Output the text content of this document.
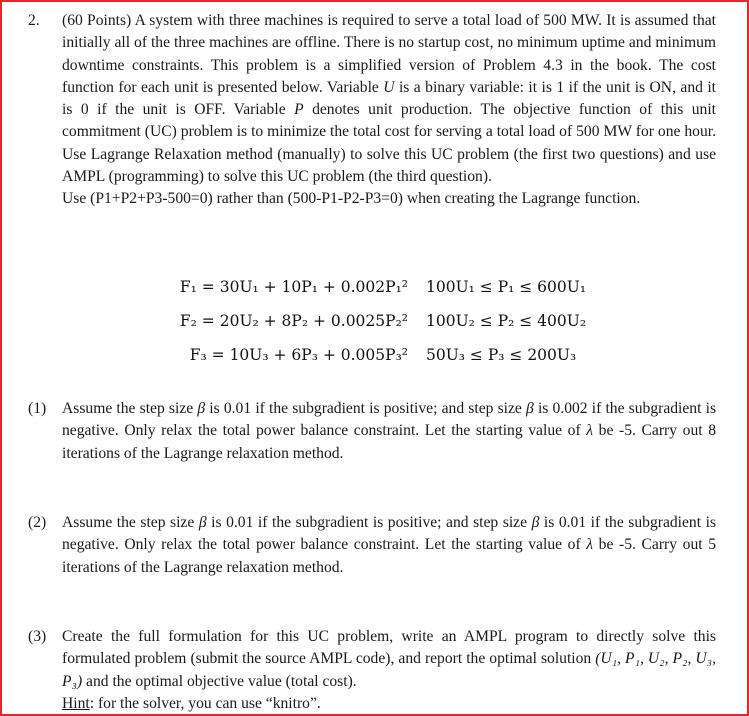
2. (60 Points) A system with three machines is required to serve a total load of 500 MW. It is assumed that initially all of the three machines are offline. There is no startup cost, no minimum uptime and minimum downtime constraints. This problem is a simplified version of Problem 4.3 in the book. The cost function for each unit is presented below. Variable U is a binary variable: it is 1 if the unit is ON, and it is 0 if the unit is OFF. Variable P denotes unit production. The objective function of this unit commitment (UC) problem is to minimize the total cost for serving a total load of 500 MW for one hour. Use Lagrange Relaxation method (manually) to solve this UC problem (the first two questions) and use AMPL (programming) to solve this UC problem (the third question).
Use (P1+P2+P3-500=0) rather than (500-P1-P2-P3=0) when creating the Lagrange function.

F₁ = 30U₁ + 10P₁ + 0.002P₁² 100U₁ ≤ P₁ ≤ 600U₁
F₂ = 20U₂ + 8P₂ + 0.0025P₂² 100U₂ ≤ P₂ ≤ 400U₂
F₃ = 10U₃ + 6P₃ + 0.005P₃² 50U₃ ≤ P₃ ≤ 200U₃

(1) Assume the step size β is 0.01 if the subgradient is positive; and step size β is 0.002 if the subgradient is negative. Only relax the total power balance constraint. Let the starting value of λ be -5. Carry out 8 iterations of the Lagrange relaxation method.

(2) Assume the step size β is 0.01 if the subgradient is positive; and step size β is 0.01 if the subgradient is negative. Only relax the total power balance constraint. Let the starting value of λ be -5. Carry out 5 iterations of the Lagrange relaxation method.

(3) Create the full formulation for this UC problem, write an AMPL program to directly solve this formulated problem (submit the source AMPL code), and report the optimal solution (U₁, P₁, U₂, P₂, U₃, P₃) and the optimal objective value (total cost).
Hint: for the solver, you can use “knitro”.
